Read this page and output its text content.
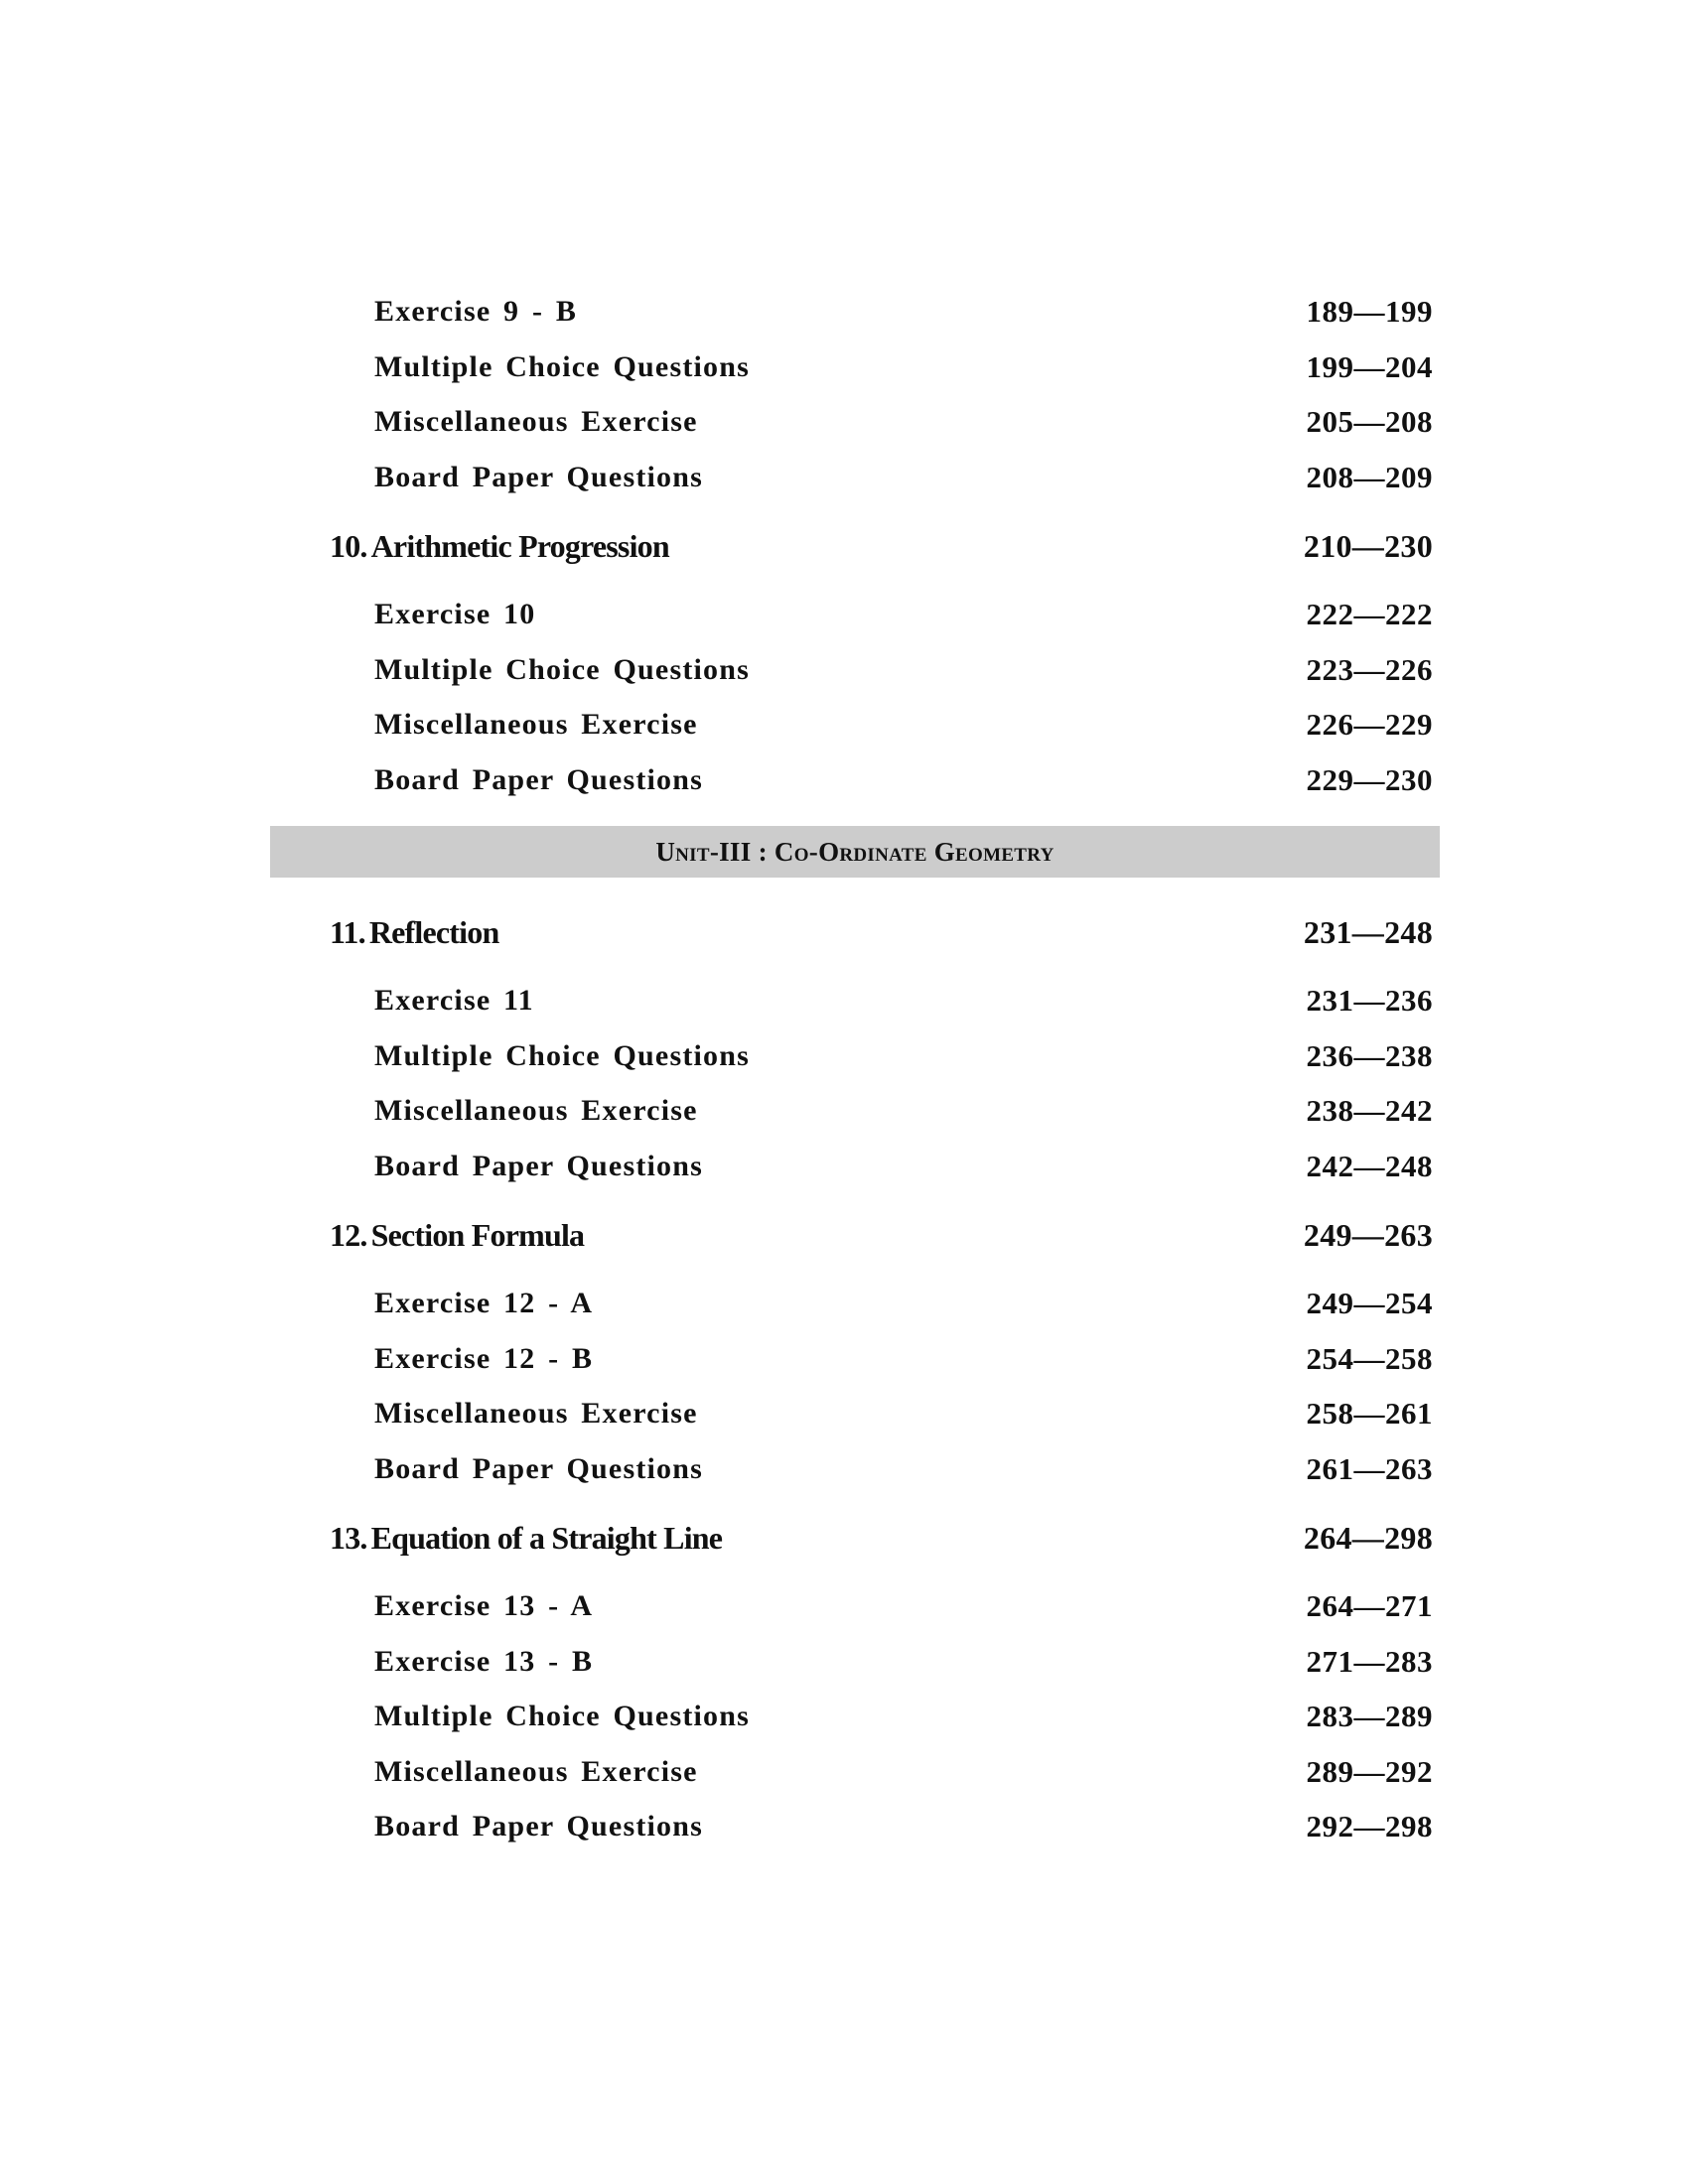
Exercise 9 - B	189—199
Multiple Choice Questions	199—204
Miscellaneous Exercise	205—208
Board Paper Questions	208—209
10. Arithmetic Progression	210—230
Exercise 10	222—222
Multiple Choice Questions	223—226
Miscellaneous Exercise	226—229
Board Paper Questions	229—230
Unit-III : Co-Ordinate Geometry
11. Reflection	231—248
Exercise 11	231—236
Multiple Choice Questions	236—238
Miscellaneous Exercise	238—242
Board Paper Questions	242—248
12. Section Formula	249—263
Exercise 12 - A	249—254
Exercise 12 - B	254—258
Miscellaneous Exercise	258—261
Board Paper Questions	261—263
13. Equation of a Straight Line	264—298
Exercise 13 - A	264—271
Exercise 13 - B	271—283
Multiple Choice Questions	283—289
Miscellaneous Exercise	289—292
Board Paper Questions	292—298
